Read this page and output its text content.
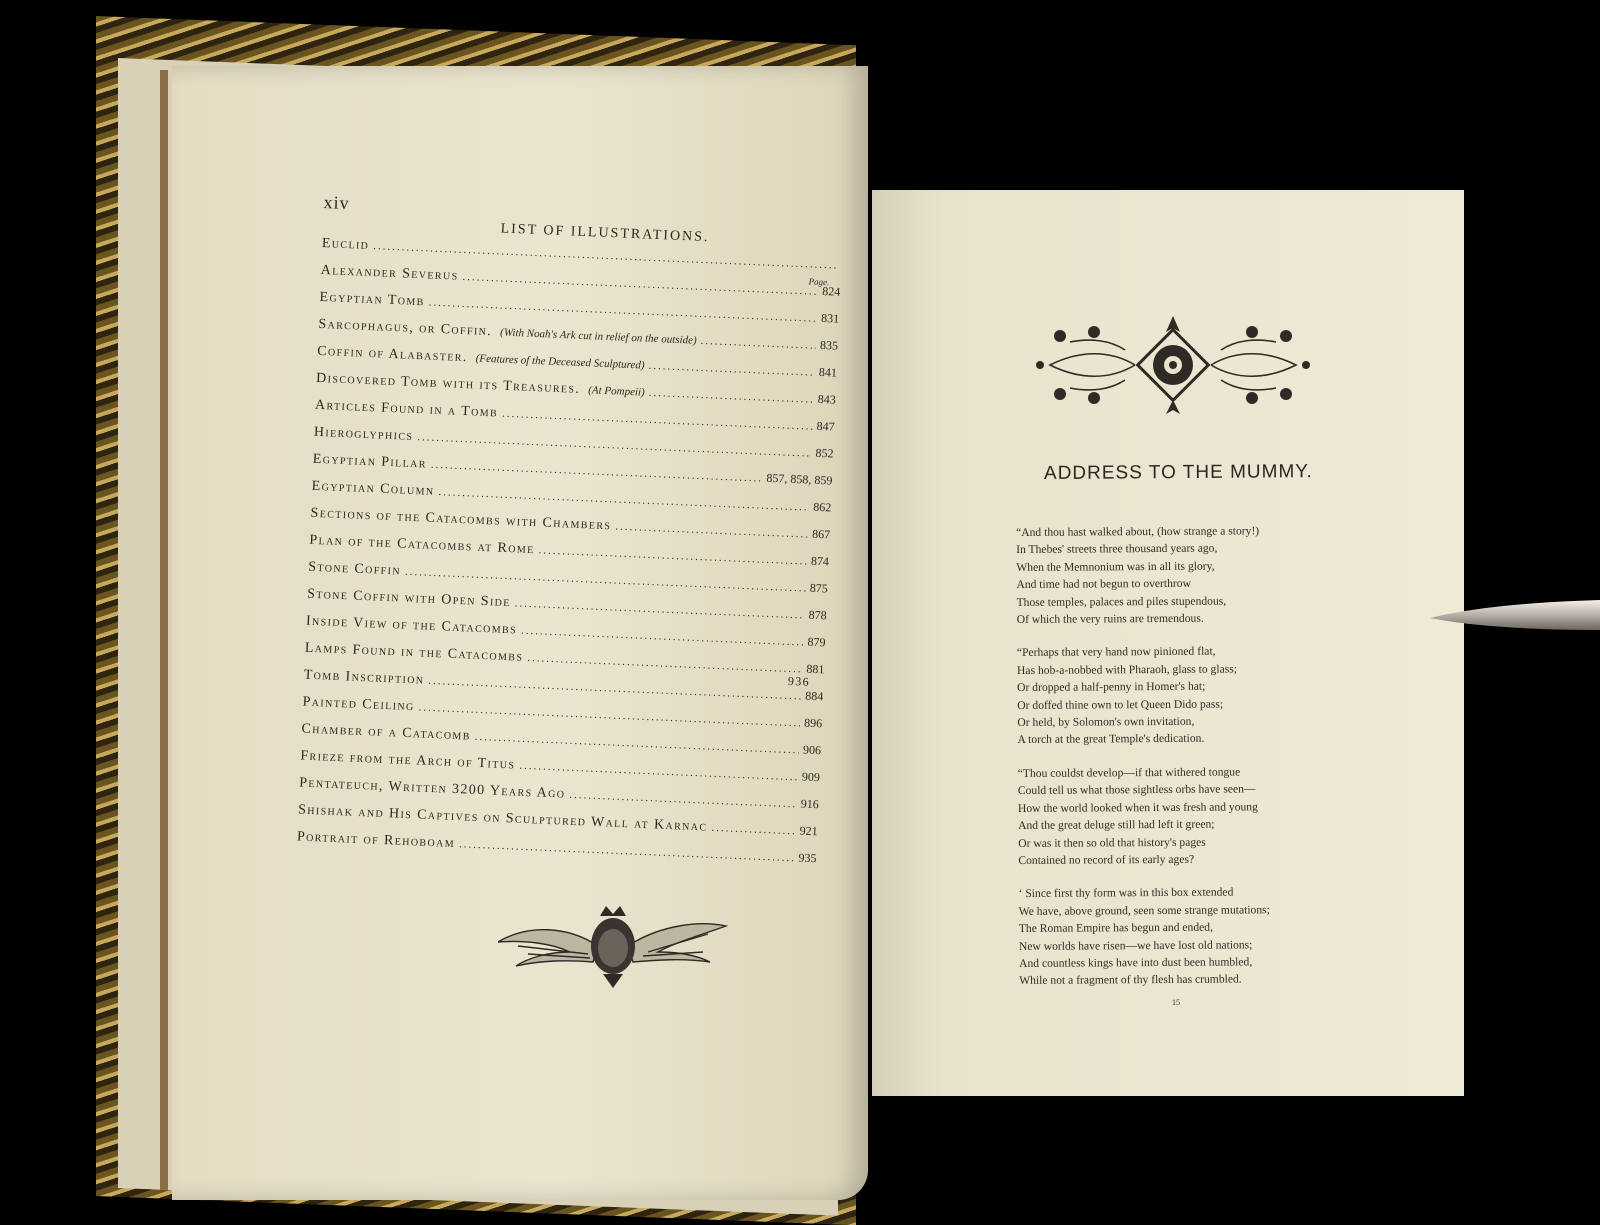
xiv
LIST OF ILLUSTRATIONS.
Page.
Euclid
.....
Alexander Severus
.....
824
Egyptian Tomb
.....
831
Sarcophagus, or Coffin. (With Noah's Ark cut in relief on the outside) .....	835
Coffin of Alabaster. (Features of the Deceased Sculptured)
.....
841
Discovered Tomb with its Treasures. (At Pompeii)
.....
843
Articles Found in a Tomb
.....
847
Hieroglyphics
.....
852
Egyptian Pillar
.....
857, 858, 859
Egyptian Column
.....
862
Sections of the Catacombs with Chambers
.....
867
Plan of the Catacombs at Rome
.....
874
Stone Coffin
.....
875
Stone Coffin with Open Side
.....
878
Inside View of the Catacombs
.....
879
Lamps Found in the Catacombs
.....
881
Tomb Inscription
.....
884
Painted Ceiling
.....
896
Chamber of a Catacomb
.....
906
Frieze from the Arch of Titus
.....
909
Pentateuch, Written 3200 Years Ago
.....
916
Shishak and His Captives on Sculptured Wall at Karnac .....	921
Portrait of Rehoboam
.....
935
936
ADDRESS TO THE MUMMY.
“And thou hast walked about, (how strange a story!)
In Thebes' streets three thousand years ago,
When the Memnonium was in all its glory,
And time had not begun to overthrow
Those temples, palaces and piles stupendous,
Of which the very ruins are tremendous.
“Perhaps that very hand now pinioned flat,
Has hob-a-nobbed with Pharaoh, glass to glass;
Or dropped a half-penny in Homer's hat;
Or doffed thine own to let Queen Dido pass;
Or held, by Solomon's own invitation,
A torch at the great Temple's dedication.
“Thou couldst develop—if that withered tongue
Could tell us what those sightless orbs have seen—
How the world looked when it was fresh and young
And the great deluge still had left it green;
Or was it then so old that history's pages
Contained no record of its early ages?
‘ Since first thy form was in this box extended
We have, above ground, seen some strange mutations;
The Roman Empire has begun and ended,
New worlds have risen—we have lost old nations;
And countless kings have into dust been humbled,
While not a fragment of thy flesh has crumbled.
15
